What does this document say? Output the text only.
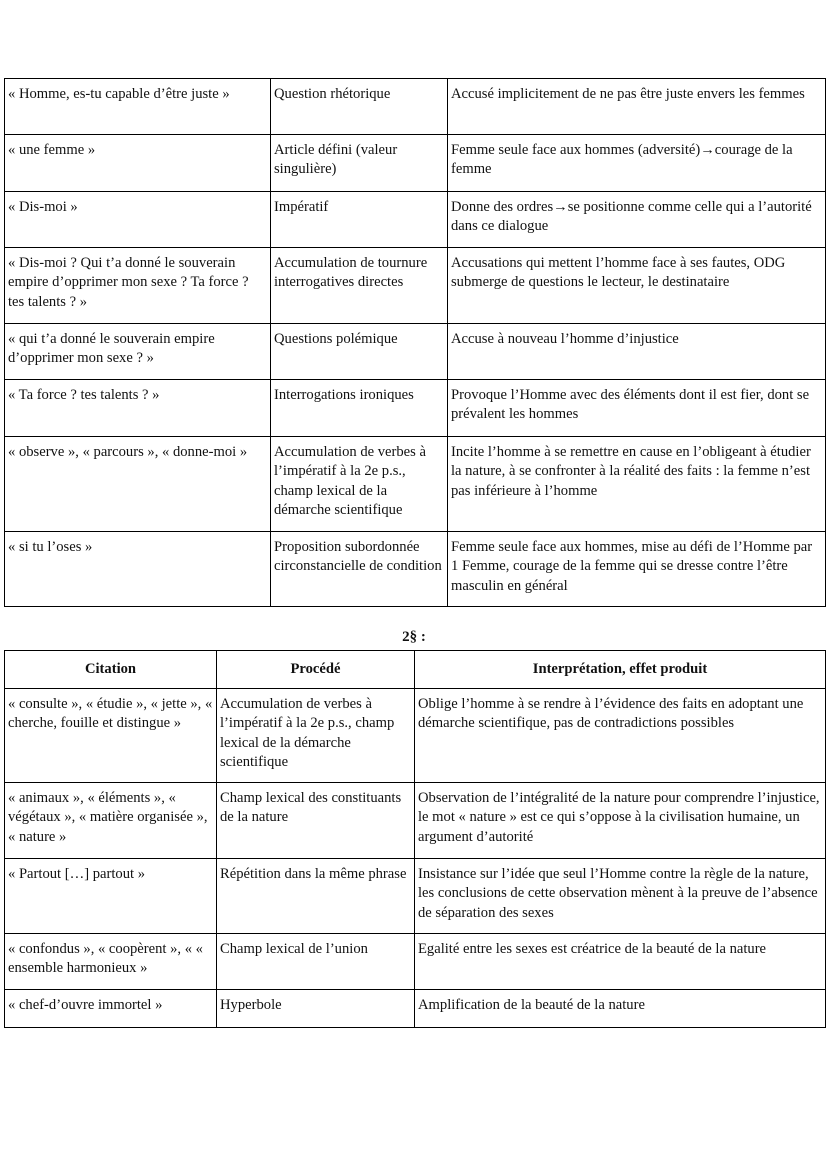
« Homme, es-tu capable d’être juste »	Question rhétorique	Accusé implicitement de ne pas être juste envers les femmes
« une femme »	Article défini (valeur singulière)	Femme seule face aux hommes (adversité)→courage de la femme
« Dis-moi »	Impératif	Donne des ordres→se positionne comme celle qui a l’autorité dans ce dialogue
« Dis-moi ? Qui t’a donné le souverain empire d’opprimer mon sexe ? Ta force ? tes talents ? »	Accumulation de tournure interrogatives directes	Accusations qui mettent l’homme face à ses fautes, ODG submerge de questions le lecteur, le destinataire
« qui t’a donné le souverain empire d’opprimer mon sexe ? »	Questions polémique	Accuse à nouveau l’homme d’injustice
« Ta force ? tes talents ? »	Interrogations ironiques	Provoque l’Homme avec des éléments dont il est fier, dont se prévalent les hommes
« observe », « parcours », « donne-moi »	Accumulation de verbes à l’impératif à la 2e p.s., champ lexical de la démarche scientifique	Incite l’homme à se remettre en cause en l’obligeant à étudier la nature, à se confronter à la réalité des faits : la femme n’est pas inférieure à l’homme
« si tu l’oses »	Proposition subordonnée circonstancielle de condition	Femme seule face aux hommes, mise au défi de l’Homme par 1 Femme, courage de la femme qui se dresse contre l’être masculin en général
2§ :
Citation	Procédé	Interprétation, effet produit
« consulte », « étudie », « jette », « cherche, fouille et distingue »	Accumulation de verbes à l’impératif à la 2e p.s., champ lexical de la démarche scientifique	Oblige l’homme à se rendre à l’évidence des faits en adoptant une démarche scientifique, pas de contradictions possibles
« animaux », « éléments », « végétaux », « matière organisée », « nature »	Champ lexical des constituants de la nature	Observation de l’intégralité de la nature pour comprendre l’injustice, le mot « nature » est ce qui s’oppose à la civilisation humaine, un argument d’autorité
« Partout […] partout »	Répétition dans la même phrase	Insistance sur l’idée que seul l’Homme contre la règle de la nature, les conclusions de cette observation mènent à la preuve de l’absence de séparation des sexes
« confondus », « coopèrent », « « ensemble harmonieux »	Champ lexical de l’union	Egalité entre les sexes est créatrice de la beauté de la nature
« chef-d’ouvre immortel »	Hyperbole	Amplification de la beauté de la nature
